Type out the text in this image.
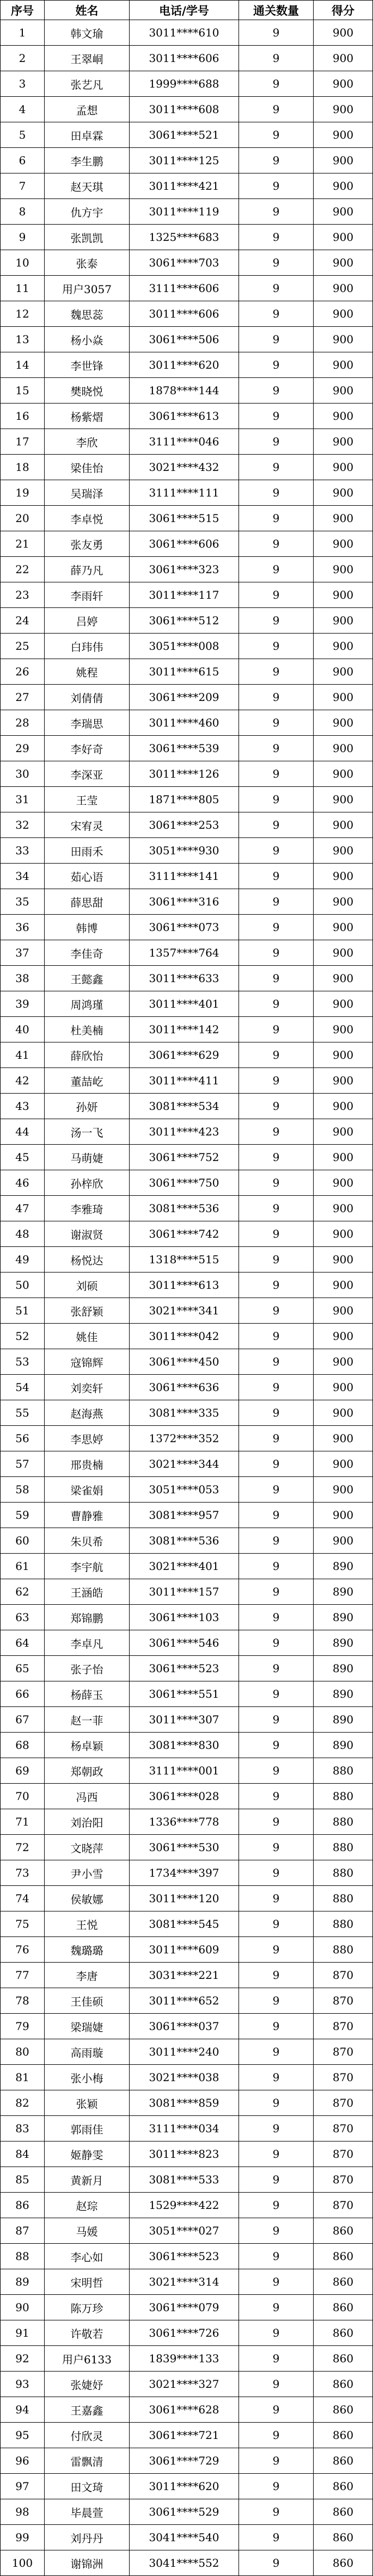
序号	姓名	电话/学号	通关数量	得分
1	韩文瑜	3011****610	9	900
2	王翠峒	3011****606	9	900
3	张艺凡	1999****688	9	900
4	孟想	3011****608	9	900
5	田卓霖	3061****521	9	900
6	李生鹏	3011****125	9	900
7	赵天琪	3011****421	9	900
8	仇方宇	3011****119	9	900
9	张凯凯	1325****683	9	900
10	张泰	3061****703	9	900
11	用户3057	3111****606	9	900
12	魏思蕊	3011****606	9	900
13	杨小焱	3061****506	9	900
14	李世锋	3011****620	9	900
15	樊晓悦	1878****144	9	900
16	杨紫熠	3061****613	9	900
17	李欣	3111****046	9	900
18	梁佳怡	3021****432	9	900
19	吴瑞泽	3111****111	9	900
20	李卓悦	3061****515	9	900
21	张友勇	3061****606	9	900
22	薛乃凡	3061****323	9	900
23	李雨轩	3011****117	9	900
24	吕婷	3061****512	9	900
25	白玮伟	3051****008	9	900
26	姚程	3011****615	9	900
27	刘倩倩	3061****209	9	900
28	李瑞思	3011****460	9	900
29	李好奇	3061****539	9	900
30	李深亚	3011****126	9	900
31	王莹	1871****805	9	900
32	宋宥灵	3061****253	9	900
33	田雨禾	3051****930	9	900
34	茹心语	3111****141	9	900
35	薛思甜	3061****316	9	900
36	韩博	3061****073	9	900
37	李佳奇	1357****764	9	900
38	王懿鑫	3011****633	9	900
39	周鸿瑾	3011****401	9	900
40	杜美楠	3011****142	9	900
41	薛欣怡	3061****629	9	900
42	董喆屹	3011****411	9	900
43	孙妍	3081****534	9	900
44	汤一飞	3011****423	9	900
45	马萌婕	3061****752	9	900
46	孙梓欣	3061****750	9	900
47	李雅琦	3081****536	9	900
48	谢淑贤	3061****742	9	900
49	杨悦达	1318****515	9	900
50	刘硕	3011****613	9	900
51	张舒颖	3021****341	9	900
52	姚佳	3011****042	9	900
53	寇锦辉	3061****450	9	900
54	刘奕轩	3061****636	9	900
55	赵海燕	3081****335	9	900
56	李思婷	1372****352	9	900
57	邢贵楠	3021****344	9	900
58	梁雀娟	3051****053	9	900
59	曹静雅	3081****957	9	900
60	朱贝希	3081****536	9	900
61	李宇航	3021****401	9	890
62	王涵皓	3011****157	9	890
63	郑锦鹏	3061****103	9	890
64	李卓凡	3061****546	9	890
65	张子怡	3061****523	9	890
66	杨薛玉	3061****551	9	890
67	赵一菲	3011****307	9	890
68	杨卓颖	3081****830	9	890
69	郑朝政	3111****001	9	880
70	冯西	3061****028	9	880
71	刘治阳	1336****778	9	880
72	文晓萍	3061****530	9	880
73	尹小雪	1734****397	9	880
74	侯敏娜	3011****120	9	880
75	王悦	3081****545	9	880
76	魏璐璐	3011****609	9	880
77	李唐	3031****221	9	870
78	王佳硕	3011****652	9	870
79	梁瑞婕	3061****037	9	870
80	高雨璇	3011****240	9	870
81	张小梅	3021****038	9	870
82	张颖	3081****859	9	870
83	郭雨佳	3111****034	9	870
84	姬静雯	3011****823	9	870
85	黄新月	3081****533	9	870
86	赵琮	1529****422	9	870
87	马媛	3051****027	9	860
88	李心如	3061****523	9	860
89	宋明哲	3021****314	9	860
90	陈万珍	3061****079	9	860
91	许敬若	3061****726	9	860
92	用户6133	1839****133	9	860
93	张婕妤	3021****327	9	860
94	王嘉鑫	3061****628	9	860
95	付欣灵	3061****721	9	860
96	雷飘清	3061****729	9	860
97	田文琦	3011****620	9	860
98	毕晨萱	3061****529	9	860
99	刘丹丹	3041****540	9	860
100	谢锦洲	3041****552	9	860
